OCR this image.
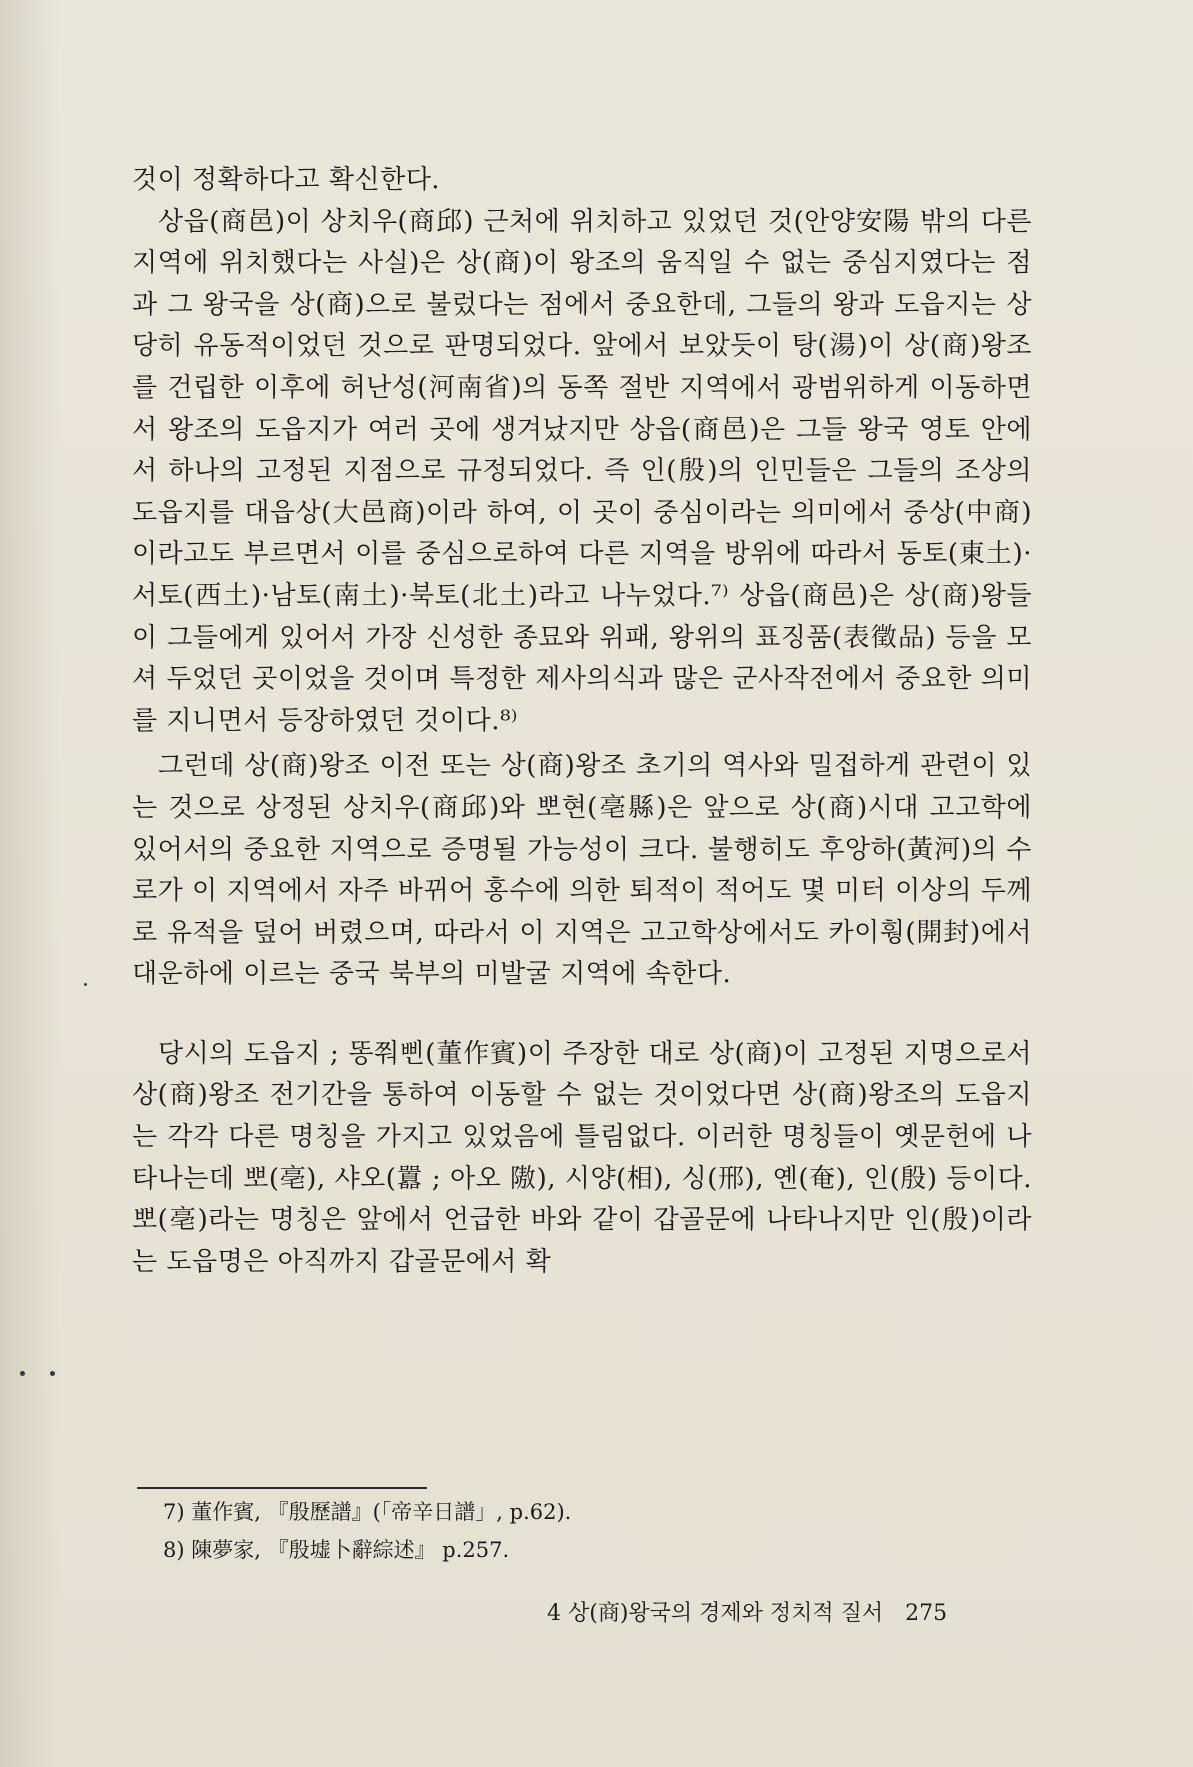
것이 정확하다고 확신한다.

상읍(商邑)이 상치우(商邱) 근처에 위치하고 있었던 것(안양安陽 밖의 다른 지역에 위치했다는 사실)은 상(商)이 왕조의 움직일 수 없는 중심지였다는 점과 그 왕국을 상(商)으로 불렀다는 점에서 중요한데, 그들의 왕과 도읍지는 상당히 유동적이었던 것으로 판명되었다. 앞에서 보았듯이 탕(湯)이 상(商)왕조를 건립한 이후에 허난성(河南省)의 동쪽 절반 지역에서 광범위하게 이동하면서 왕조의 도읍지가 여러 곳에 생겨났지만 상읍(商邑)은 그들 왕국 영토 안에서 하나의 고정된 지점으로 규정되었다. 즉 인(殷)의 인민들은 그들의 조상의 도읍지를 대읍상(大邑商)이라 하여, 이 곳이 중심이라는 의미에서 중상(中商)이라고도 부르면서 이를 중심으로하여 다른 지역을 방위에 따라서 동토(東土)·서토(西土)·남토(南土)·북토(北土)라고 나누었다.⁷⁾ 상읍(商邑)은 상(商)왕들이 그들에게 있어서 가장 신성한 종묘와 위패, 왕위의 표징품(表徵品) 등을 모셔 두었던 곳이었을 것이며 특정한 제사의식과 많은 군사작전에서 중요한 의미를 지니면서 등장하였던 것이다.⁸⁾

그런데 상(商)왕조 이전 또는 상(商)왕조 초기의 역사와 밀접하게 관련이 있는 것으로 상정된 상치우(商邱)와 뽀현(亳縣)은 앞으로 상(商)시대 고고학에 있어서의 중요한 지역으로 증명될 가능성이 크다. 불행히도 후앙하(黃河)의 수로가 이 지역에서 자주 바뀌어 홍수에 의한 퇴적이 적어도 몇 미터 이상의 두께로 유적을 덮어 버렸으며, 따라서 이 지역은 고고학상에서도 카이훵(開封)에서 대운하에 이르는 중국 북부의 미발굴 지역에 속한다.

당시의 도읍지 ; 똥쭤삔(董作賓)이 주장한 대로 상(商)이 고정된 지명으로서 상(商)왕조 전기간을 통하여 이동할 수 없는 것이었다면 상(商)왕조의 도읍지는 각각 다른 명칭을 가지고 있었음에 틀림없다. 이러한 명칭들이 옛문헌에 나타나는데 뽀(亳), 샤오(囂 ; 아오 隞), 시양(相), 싱(邢), 옌(奄), 인(殷) 등이다. 뽀(亳)라는 명칭은 앞에서 언급한 바와 같이 갑골문에 나타나지만 인(殷)이라는 도읍명은 아직까지 갑골문에서 확

7) 董作賓, 『殷歷譜』(「帝辛日譜」, p.62).
8) 陳夢家, 『殷墟卜辭綜述』 p.257.
4 상(商)왕국의 경제와 정치적 질서 275
